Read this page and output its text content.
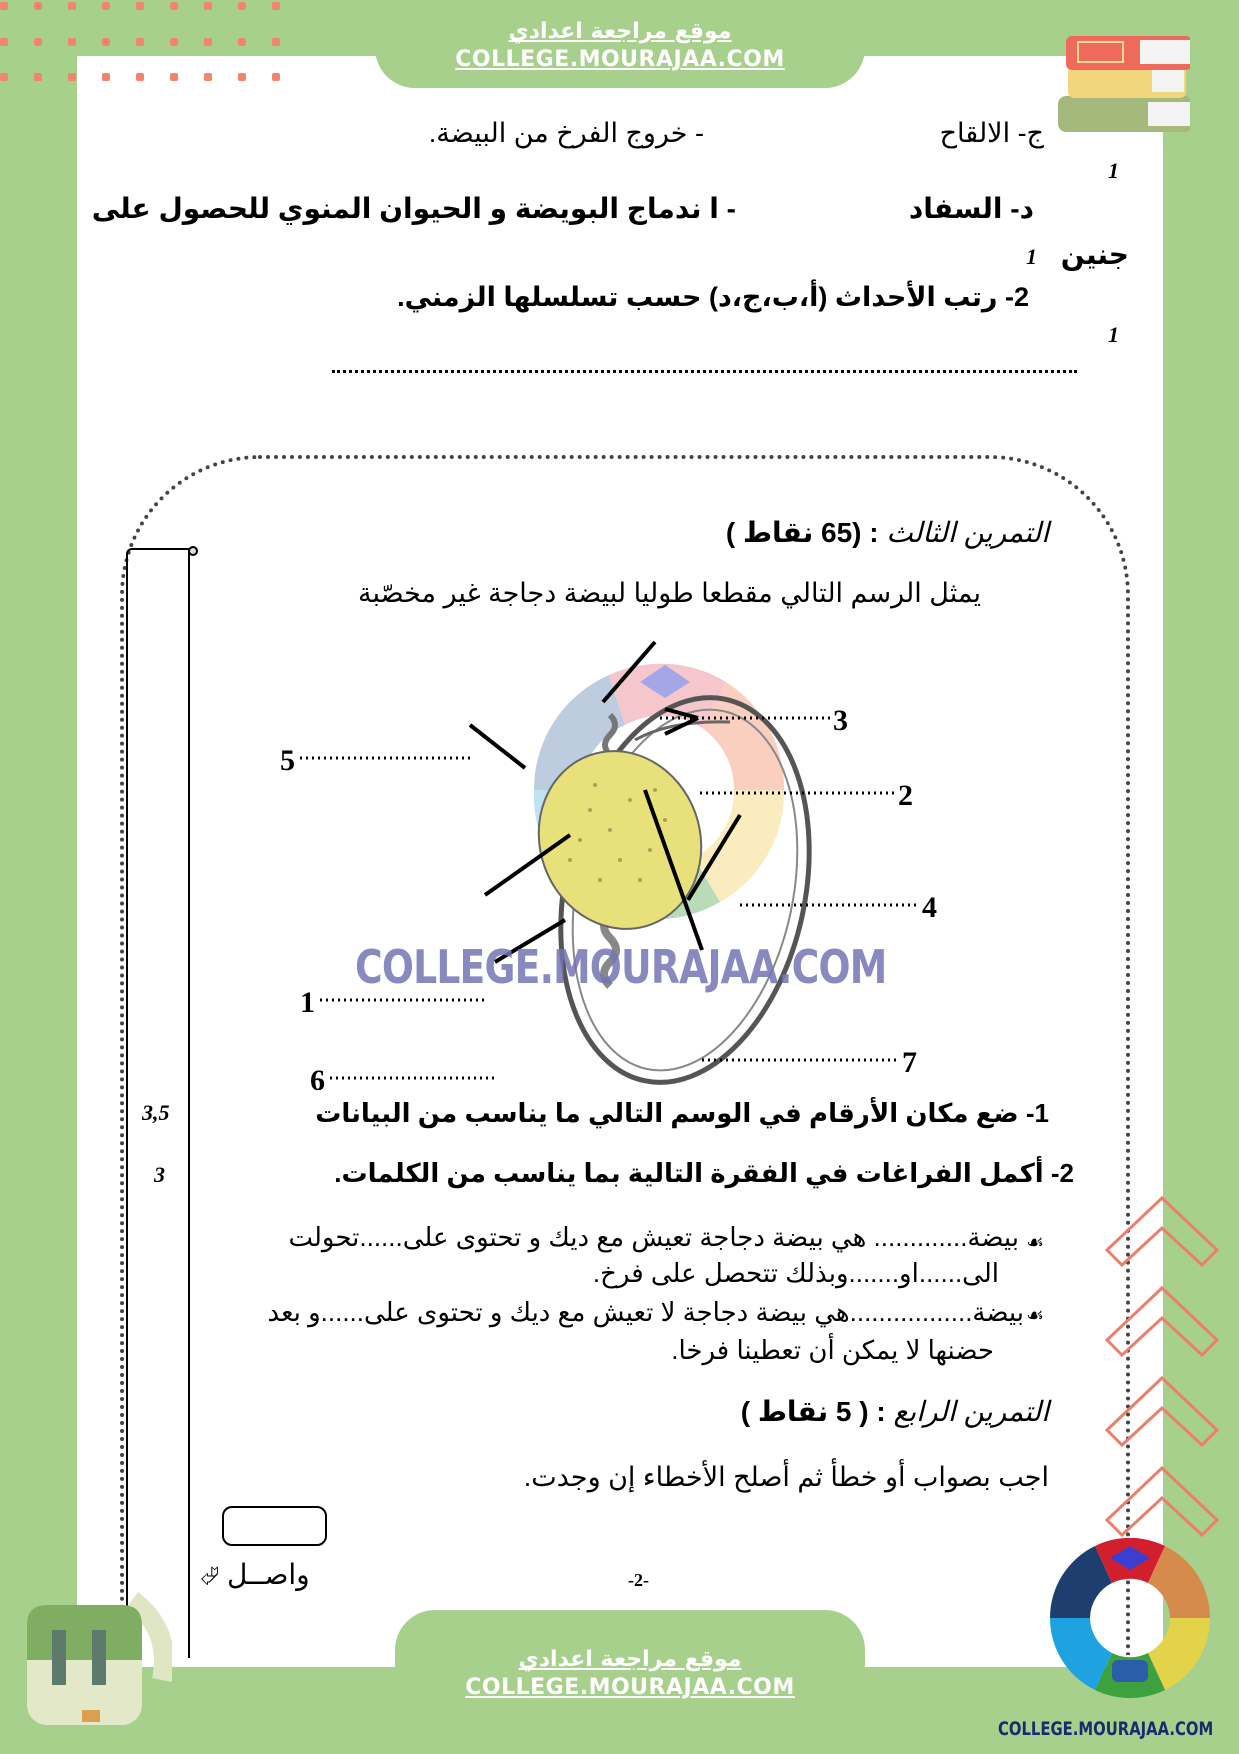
موقع مراجعة اعدادي
COLLEGE.MOURAJAA.COM
ج- الالقاح
- خروج الفرخ من البيضة.
1
د- السفاد
- ا ندماج البويضة و الحيوان المنوي للحصول على
جنين
1
2- رتب الأحداث (أ،ب،ج،د) حسب تسلسلها الزمني.
1
التمرين الثالث : (65 نقاط )
يمثل الرسم التالي مقطعا طوليا لبيضة دجاجة غير مخصّبة
5
3
2
4
1
6
7
COLLEGE.MOURAJAA.COM
3,5	1- ضع مكان الأرقام في الوسم التالي ما يناسب من البيانات
3	2- أكمل الفراغات في الفقرة التالية بما يناسب من الكلمات.
☙
بيضة............. هي بيضة دجاجة تعيش مع ديك و تحتوى على......تحولت
الى......او.......وبذلك تتحصل على فرخ.
☙
بيضة.................هي بيضة دجاجة لا تعيش مع ديك و تحتوى على......و بعد
حضنها لا يمكن أن تعطينا فرخا.
التمرين الرابع : ( 5 نقاط )
اجب بصواب أو خطأ ثم أصلح الأخطاء إن وجدت.
واصــل ⮰	-2-
موقع مراجعة اعدادي
COLLEGE.MOURAJAA.COM
COLLEGE.MOURAJAA.COM
